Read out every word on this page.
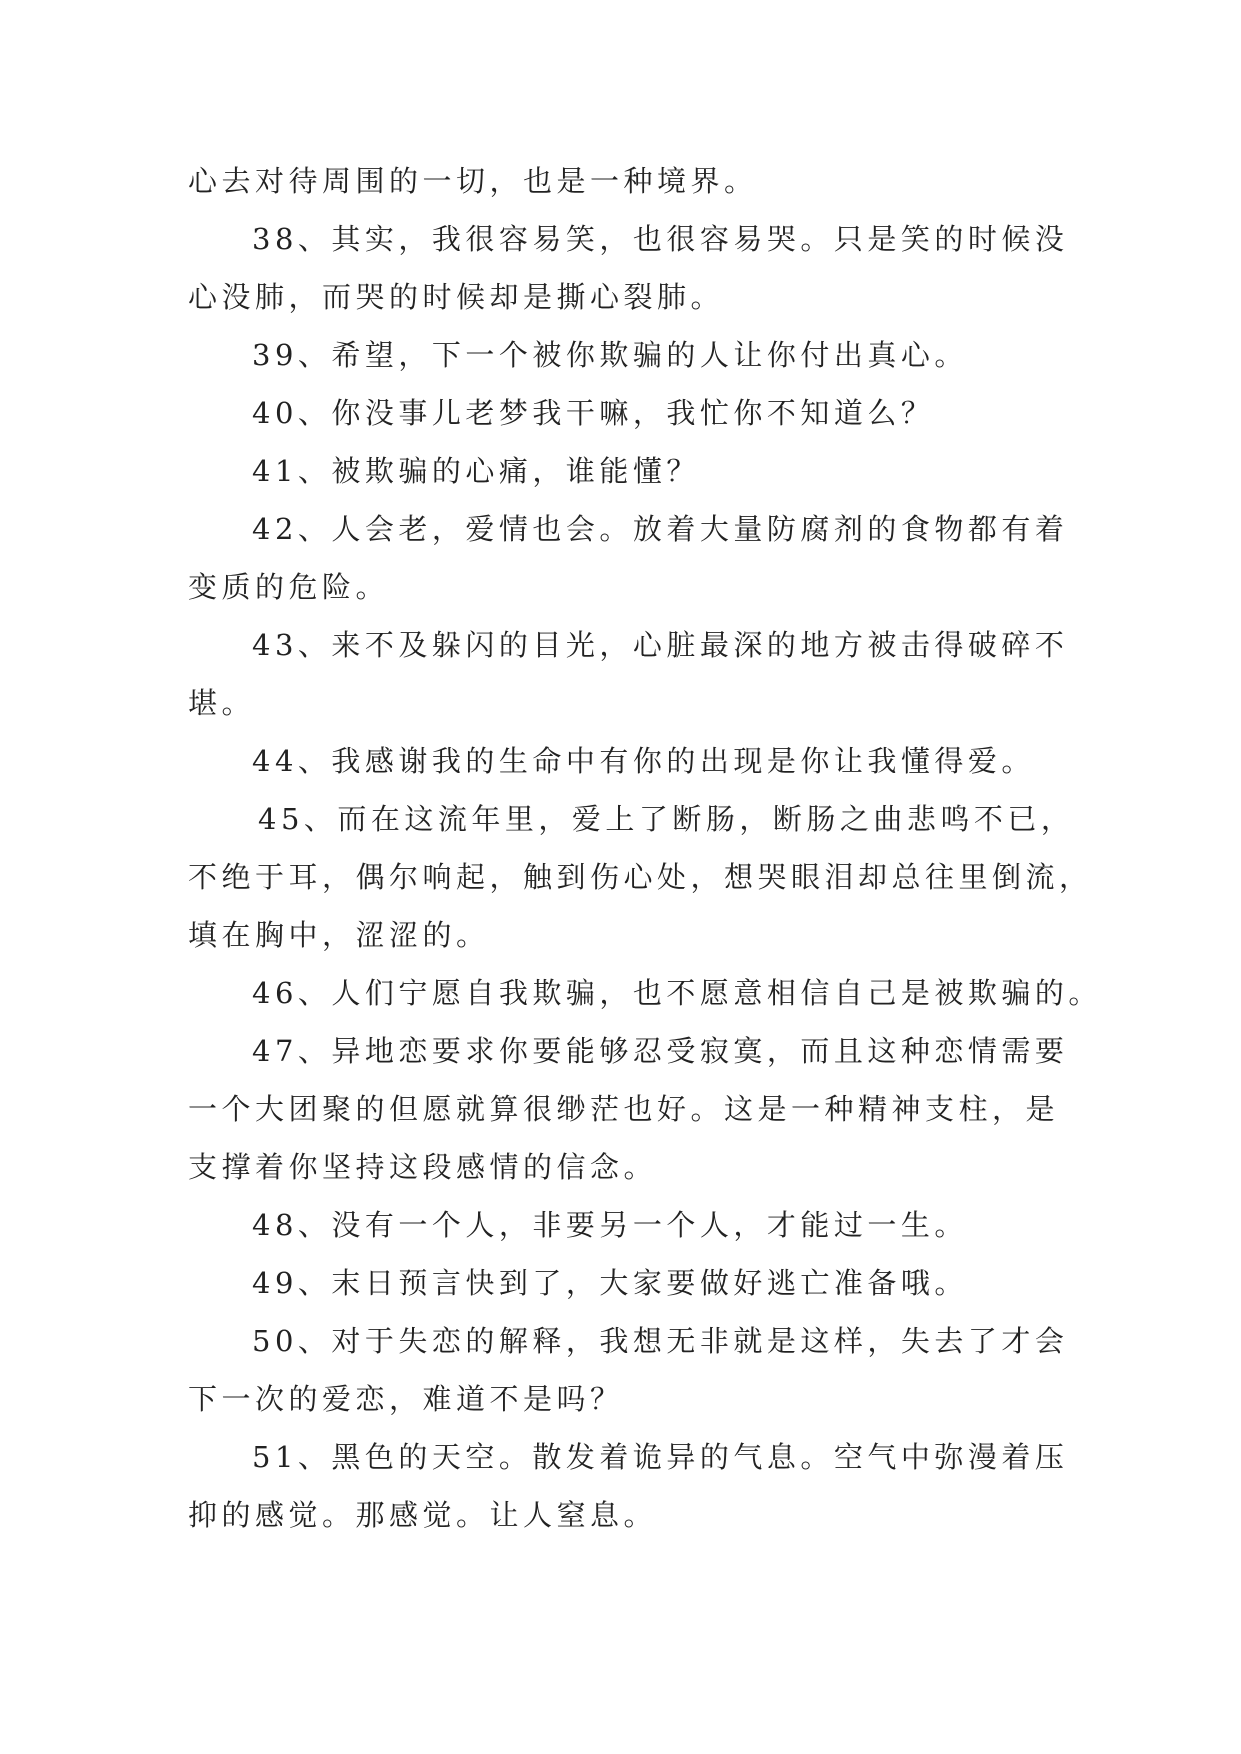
心去对待周围的一切，也是一种境界。
38、其实，我很容易笑，也很容易哭。只是笑的时候没
心没肺，而哭的时候却是撕心裂肺。
39、希望，下一个被你欺骗的人让你付出真心。
40、你没事儿老梦我干嘛，我忙你不知道么？
41、被欺骗的心痛，谁能懂？
42、人会老，爱情也会。放着大量防腐剂的食物都有着
变质的危险。
43、来不及躲闪的目光，心脏最深的地方被击得破碎不
堪。
44、我感谢我的生命中有你的出现是你让我懂得爱。
45、而在这流年里，爱上了断肠，断肠之曲悲鸣不已，
不绝于耳，偶尔响起，触到伤心处，想哭眼泪却总往里倒流，
填在胸中，涩涩的。
46、人们宁愿自我欺骗，也不愿意相信自己是被欺骗的。
47、异地恋要求你要能够忍受寂寞，而且这种恋情需要
一个大团聚的但愿就算很缈茫也好。这是一种精神支柱，是
支撑着你坚持这段感情的信念。
48、没有一个人，非要另一个人，才能过一生。
49、末日预言快到了，大家要做好逃亡准备哦。
50、对于失恋的解释，我想无非就是这样，失去了才会
下一次的爱恋，难道不是吗？
51、黑色的天空。散发着诡异的气息。空气中弥漫着压
抑的感觉。那感觉。让人窒息。
